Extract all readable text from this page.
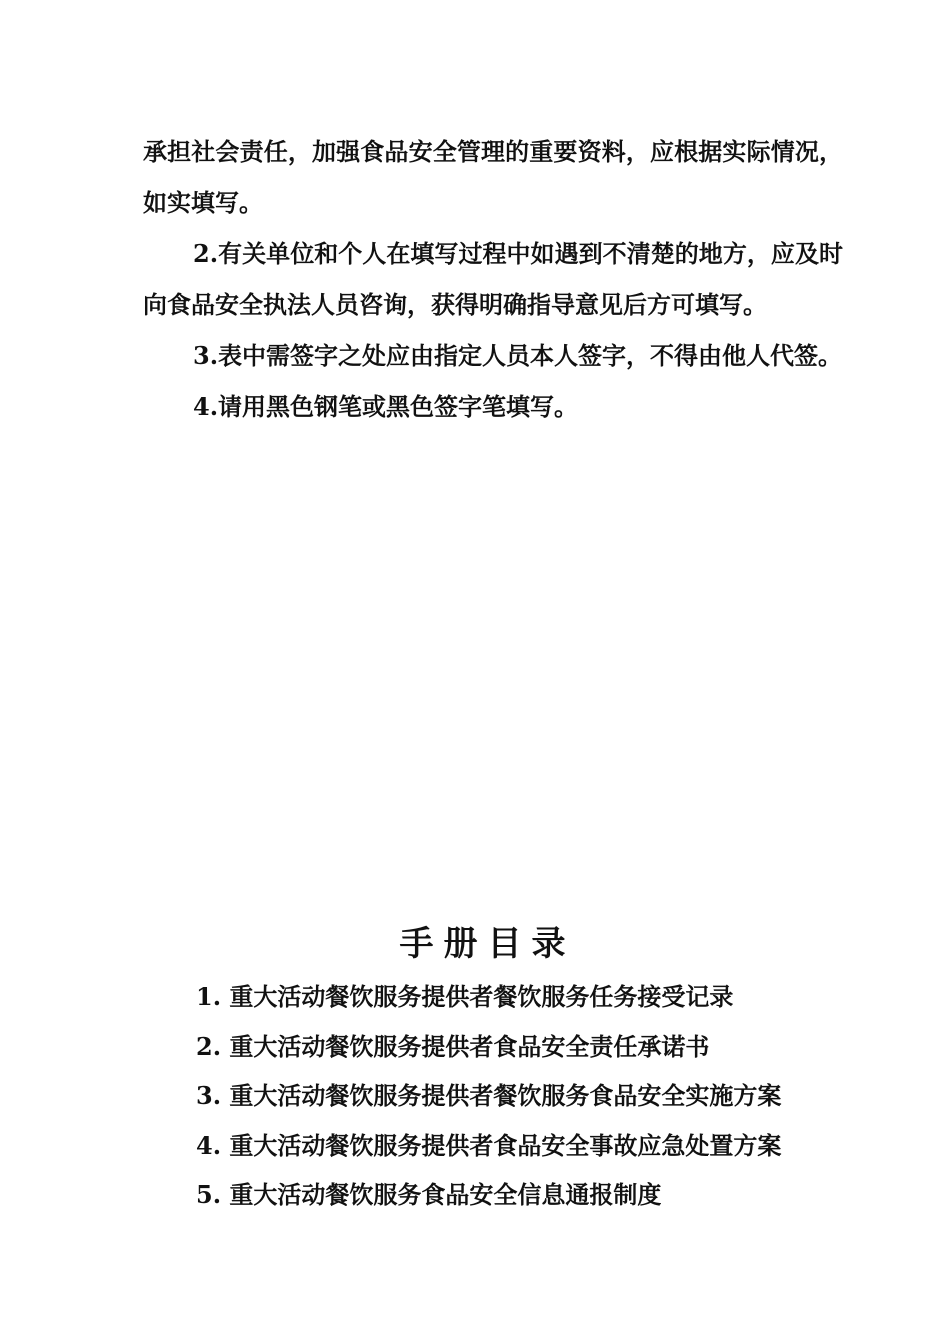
承担社会责任，加强食品安全管理的重要资料，应根据实际情况，如实填写。

2.有关单位和个人在填写过程中如遇到不清楚的地方，应及时向食品安全执法人员咨询，获得明确指导意见后方可填写。

3.表中需签字之处应由指定人员本人签字，不得由他人代签。

4.请用黑色钢笔或黑色签字笔填写。

手册目录
1. 重大活动餐饮服务提供者餐饮服务任务接受记录
2. 重大活动餐饮服务提供者食品安全责任承诺书
3. 重大活动餐饮服务提供者餐饮服务食品安全实施方案
4. 重大活动餐饮服务提供者食品安全事故应急处置方案
5. 重大活动餐饮服务食品安全信息通报制度
